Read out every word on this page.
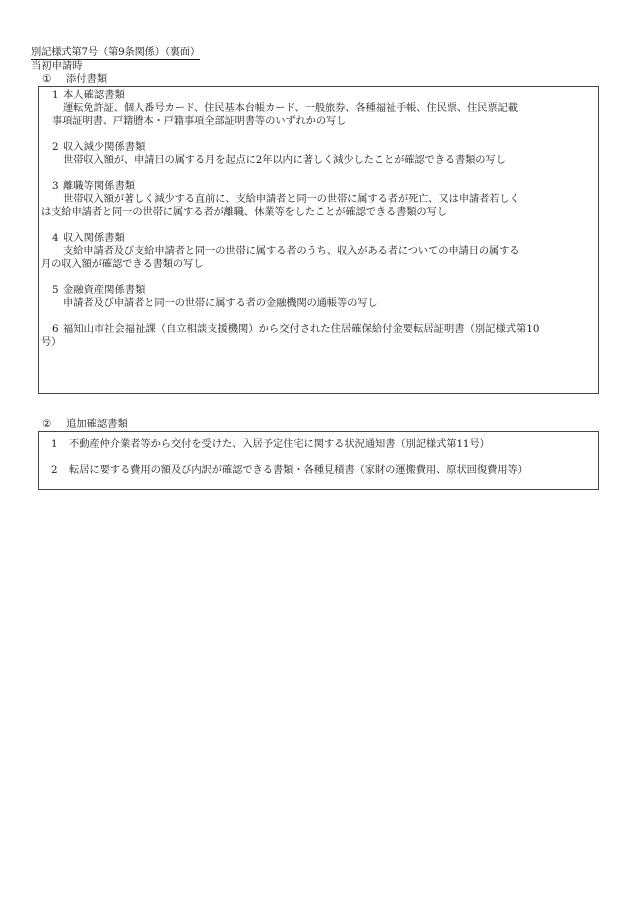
別記様式第7号（第9条関係）（裏面）
当初申請時
① 添付書類
1 本人確認書類
運転免許証、個人番号カード、住民基本台帳カード、一般旅券、各種福祉手帳、住民票、住民票記載
事項証明書、戸籍謄本・戸籍事項全部証明書等のいずれかの写し
2 収入減少関係書類
世帯収入額が、申請日の属する月を起点に2年以内に著しく減少したことが確認できる書類の写し
3 離職等関係書類
世帯収入額が著しく減少する直前に、支給申請者と同一の世帯に属する者が死亡、又は申請者若しく
は支給申請者と同一の世帯に属する者が離職、休業等をしたことが確認できる書類の写し
4 収入関係書類
支給申請者及び支給申請者と同一の世帯に属する者のうち、収入がある者についての申請日の属する
月の収入額が確認できる書類の写し
5 金融資産関係書類
申請者及び申請者と同一の世帯に属する者の金融機関の通帳等の写し
6 福知山市社会福祉課（自立相談支援機関）から交付された住居確保給付金要転居証明書（別記様式第10
号）
② 追加確認書類
1 不動産仲介業者等から交付を受けた、入居予定住宅に関する状況通知書（別記様式第11号）
2 転居に要する費用の額及び内訳が確認できる書類・各種見積書（家財の運搬費用、原状回復費用等）
